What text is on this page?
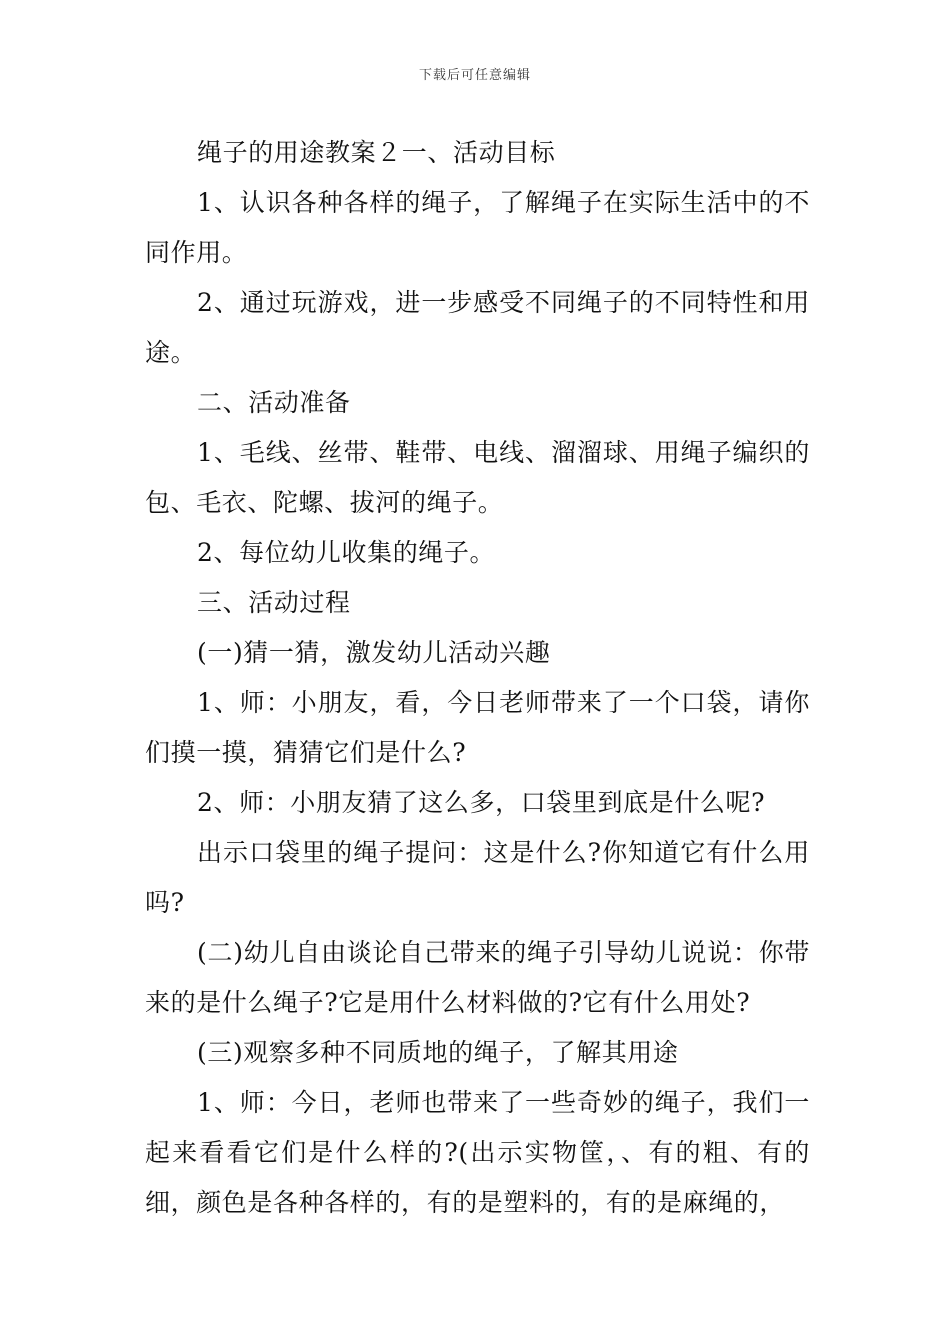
下载后可任意编辑

绳子的用途教案２一、活动目标

1、认识各种各样的绳子，了解绳子在实际生活中的不同作用。

2、通过玩游戏，进一步感受不同绳子的不同特性和用途。

二、活动准备

1、毛线、丝带、鞋带、电线、溜溜球、用绳子编织的包、毛衣、陀螺、拔河的绳子。

2、每位幼儿收集的绳子。

三、活动过程

(一)猜一猜，激发幼儿活动兴趣

1、师：小朋友，看，今日老师带来了一个口袋，请你们摸一摸，猜猜它们是什么?

2、师：小朋友猜了这么多，口袋里到底是什么呢?

出示口袋里的绳子提问：这是什么?你知道它有什么用吗?

(二)幼儿自由谈论自己带来的绳子引导幼儿说说：你带来的是什么绳子?它是用什么材料做的?它有什么用处?

(三)观察多种不同质地的绳子，了解其用途

1、师：今日，老师也带来了一些奇妙的绳子，我们一起来看看它们是什么样的?(出示实物筐，、有的粗、有的细，颜色是各种各样的，有的是塑料的，有的是麻绳的，
